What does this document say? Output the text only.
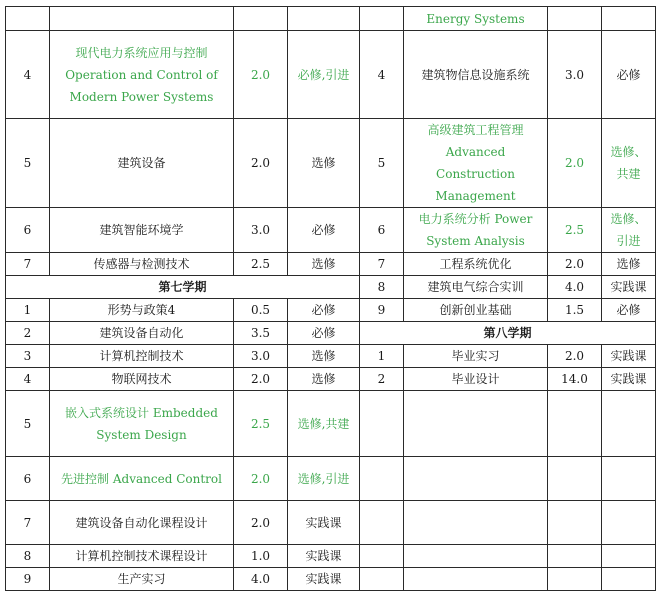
					Energy Systems		
4	现代电力系统应用与控制 Operation and Control of Modern Power Systems	2.0	必修,引进	4	建筑物信息设施系统	3.0	必修
5	建筑设备	2.0	选修	5	高级建筑工程管理 Advanced Construction Management	2.0	选修、共建
6	建筑智能环境学	3.0	必修	6	电力系统分析 Power System Analysis	2.5	选修、引进
7	传感器与检测技术	2.5	选修	7	工程系统优化	2.0	选修
第七学期				8	建筑电气综合实训	4.0	实践课
1	形势与政策4	0.5	必修	9	创新创业基础	1.5	必修
2	建筑设备自动化	3.5	必修	第八学期			
3	计算机控制技术	3.0	选修	1	毕业实习	2.0	实践课
4	物联网技术	2.0	选修	2	毕业设计	14.0	实践课
5	嵌入式系统设计 Embedded System Design	2.5	选修,共建				
6	先进控制 Advanced Control	2.0	选修,引进				
7	建筑设备自动化课程设计	2.0	实践课				
8	计算机控制技术课程设计	1.0	实践课				
9	生产实习	4.0	实践课				
